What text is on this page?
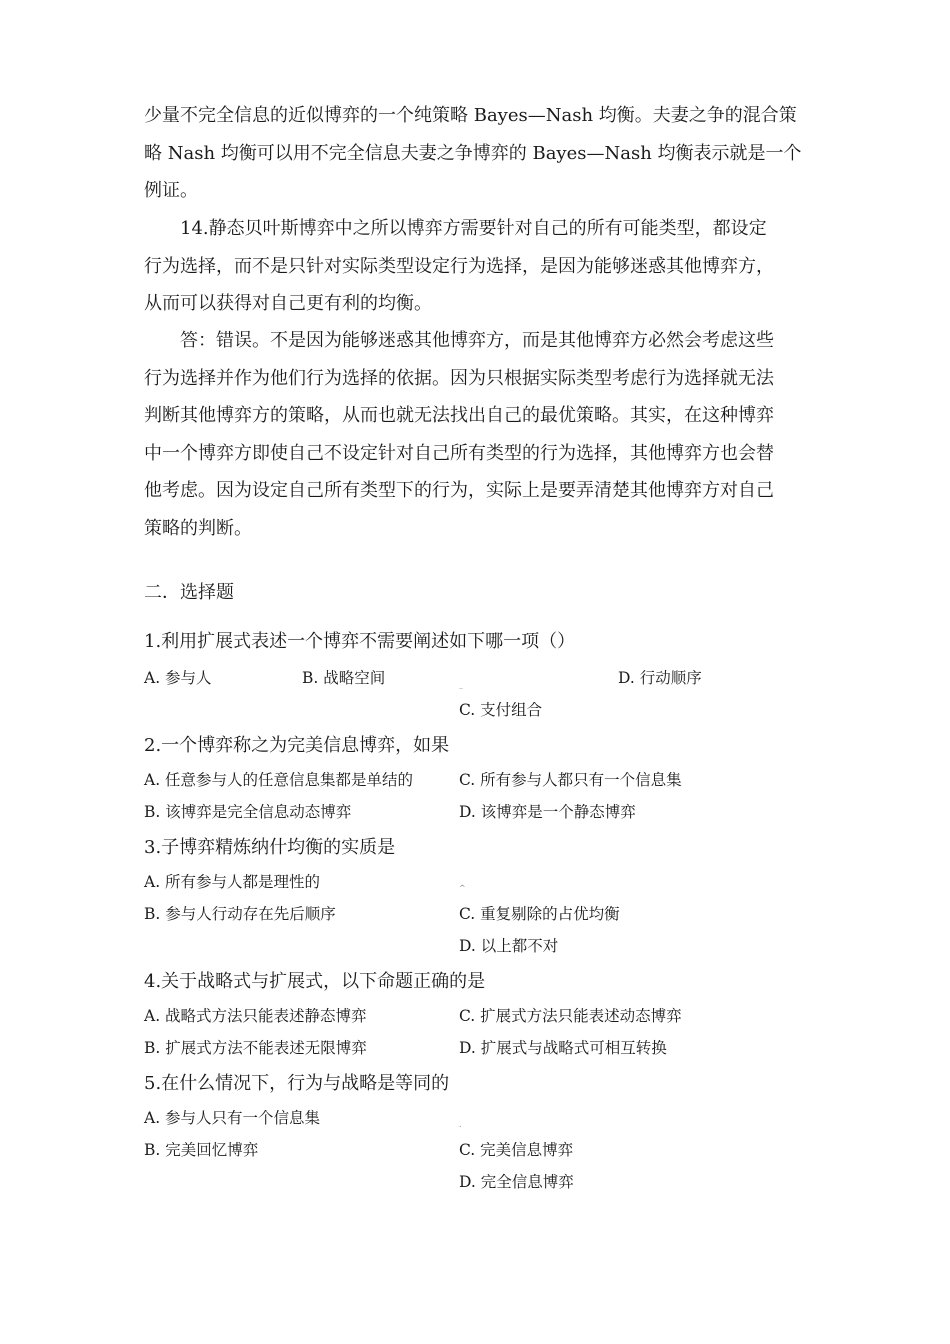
少量不完全信息的近似博弈的一个纯策略 Bayes—Nash 均衡。夫妻之争的混合策
略 Nash 均衡可以用不完全信息夫妻之争博弈的 Bayes—Nash 均衡表示就是一个
例证。
14.静态贝叶斯博弈中之所以博弈方需要针对自己的所有可能类型，都设定
行为选择，而不是只针对实际类型设定行为选择，是因为能够迷惑其他博弈方，
从而可以获得对自己更有利的均衡。
答：错误。不是因为能够迷惑其他博弈方，而是其他博弈方必然会考虑这些
行为选择并作为他们行为选择的依据。因为只根据实际类型考虑行为选择就无法
判断其他博弈方的策略，从而也就无法找出自己的最优策略。其实，在这种博弈
中一个博弈方即使自己不设定针对自己所有类型的行为选择，其他博弈方也会替
他考虑。因为设定自己所有类型下的行为，实际上是要弄清楚其他博弈方对自己
策略的判断。
二．选择题
1.利用扩展式表述一个博弈不需要阐述如下哪一项（）
A. 参与人	B. 战略空间	D. 行动顺序
_
C. 支付组合
2.一个博弈称之为完美信息博弈，如果
A. 任意参与人的任意信息集都是单结的	C. 所有参与人都只有一个信息集
B. 该博弈是完全信息动态博弈	D. 该博弈是一个静态博弈
3.子博弈精炼纳什均衡的实质是
A. 所有参与人都是理性的	^
B. 参与人行动存在先后顺序	C. 重复剔除的占优均衡
D. 以上都不对
4.关于战略式与扩展式，以下命题正确的是
A. 战略式方法只能表述静态博弈	C. 扩展式方法只能表述动态博弈
B. 扩展式方法不能表述无限博弈	D. 扩展式与战略式可相互转换
5.在什么情况下，行为与战略是等同的
A. 参与人只有一个信息集	.
B. 完美回忆博弈	C. 完美信息博弈
D. 完全信息博弈
